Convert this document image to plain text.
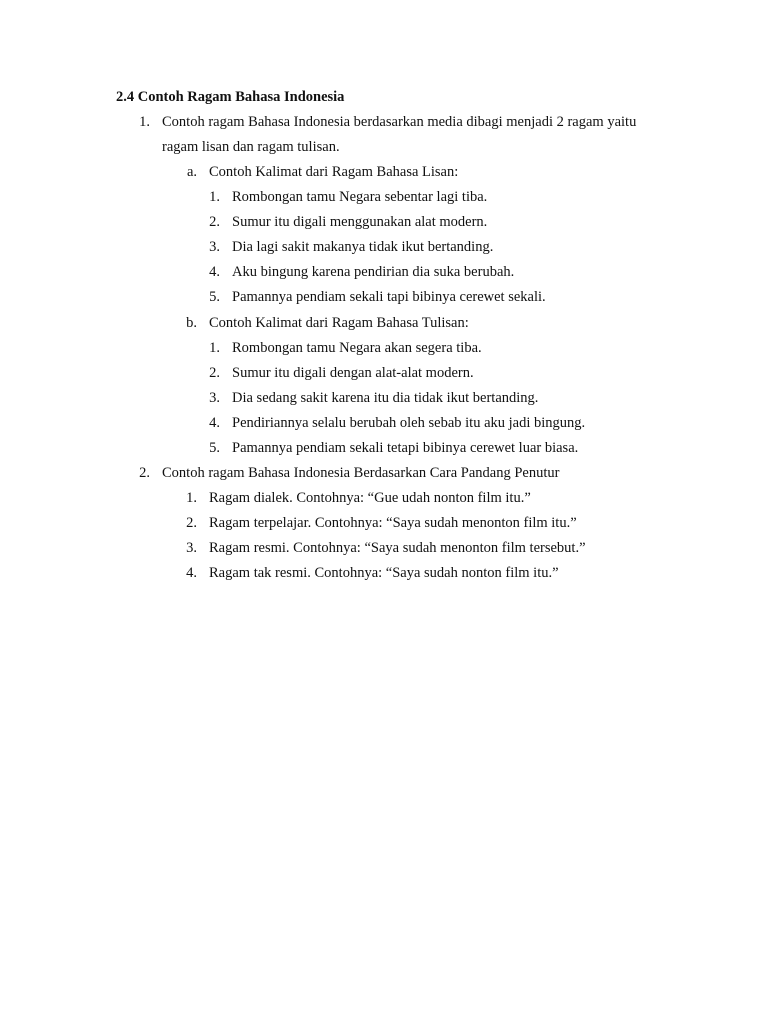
2.4 Contoh Ragam Bahasa Indonesia
1. Contoh ragam Bahasa Indonesia berdasarkan media dibagi menjadi 2 ragam yaitu
ragam lisan dan ragam tulisan.
a. Contoh Kalimat dari Ragam Bahasa Lisan:
1. Rombongan tamu Negara sebentar lagi tiba.
2. Sumur itu digali menggunakan alat modern.
3. Dia lagi sakit makanya tidak ikut bertanding.
4. Aku bingung karena pendirian dia suka berubah.
5. Pamannya pendiam sekali tapi bibinya cerewet sekali.
b. Contoh Kalimat dari Ragam Bahasa Tulisan:
1. Rombongan tamu Negara akan segera tiba.
2. Sumur itu digali dengan alat-alat modern.
3. Dia sedang sakit karena itu dia tidak ikut bertanding.
4. Pendiriannya selalu berubah oleh sebab itu aku jadi bingung.
5. Pamannya pendiam sekali tetapi bibinya cerewet luar biasa.
2. Contoh ragam Bahasa Indonesia Berdasarkan Cara Pandang Penutur
1. Ragam dialek. Contohnya: “Gue udah nonton film itu.”
2. Ragam terpelajar. Contohnya: “Saya sudah menonton film itu.”
3. Ragam resmi. Contohnya: “Saya sudah menonton film tersebut.”
4. Ragam tak resmi. Contohnya: “Saya sudah nonton film itu.”
